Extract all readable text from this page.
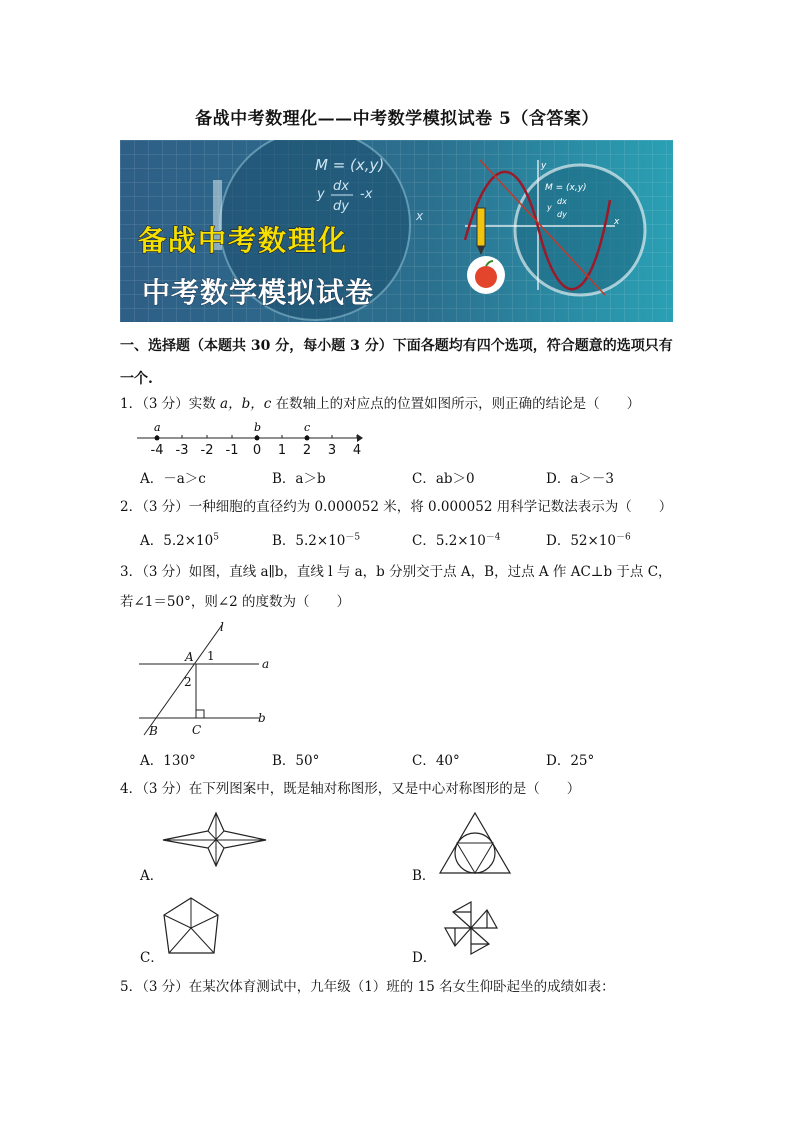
备战中考数理化——中考数学模拟试卷 5（含答案）
M = (x,y)
y
dx
dy
-x
x
备战中考数理化
中考数学模拟试卷
x
y
M = (x,y)
y
dx
dy
一、选择题（本题共 30 分，每小题 3 分）下面各题均有四个选项，符合题意的选项只有一个.
1．（3 分）实数 a，b，c 在数轴上的对应点的位置如图所示，则正确的结论是（　　）
-4 -3 -2 -1 0 1 2 3 4
a	b	c
A．－a＞c	B．a＞b	C．ab＞0	D．a＞－3
2．（3 分）一种细胞的直径约为 0.000052 米，将 0.000052 用科学记数法表示为（　　）
A．$5.2\times 10^5$	B．$5.2\times 10^{-5}$	C．$5.2\times 10^{-4}$	D．$52\times 10^{-6}$
3．（3 分）如图，直线 a∥b，直线 l 与 a，b 分别交于点 A，B，过点 A 作 AC⊥b 于点 C，
若∠1＝50°，则∠2 的度数为（　　）
l
A 1
a
2
B	C
b
A．130°	B．50°	C．40°	D．25°
4．（3 分）在下列图案中，既是轴对称图形，又是中心对称图形的是（　　）
A．	B．
C．	D．
5．（3 分）在某次体育测试中，九年级（1）班的 15 名女生仰卧起坐的成绩如表：
